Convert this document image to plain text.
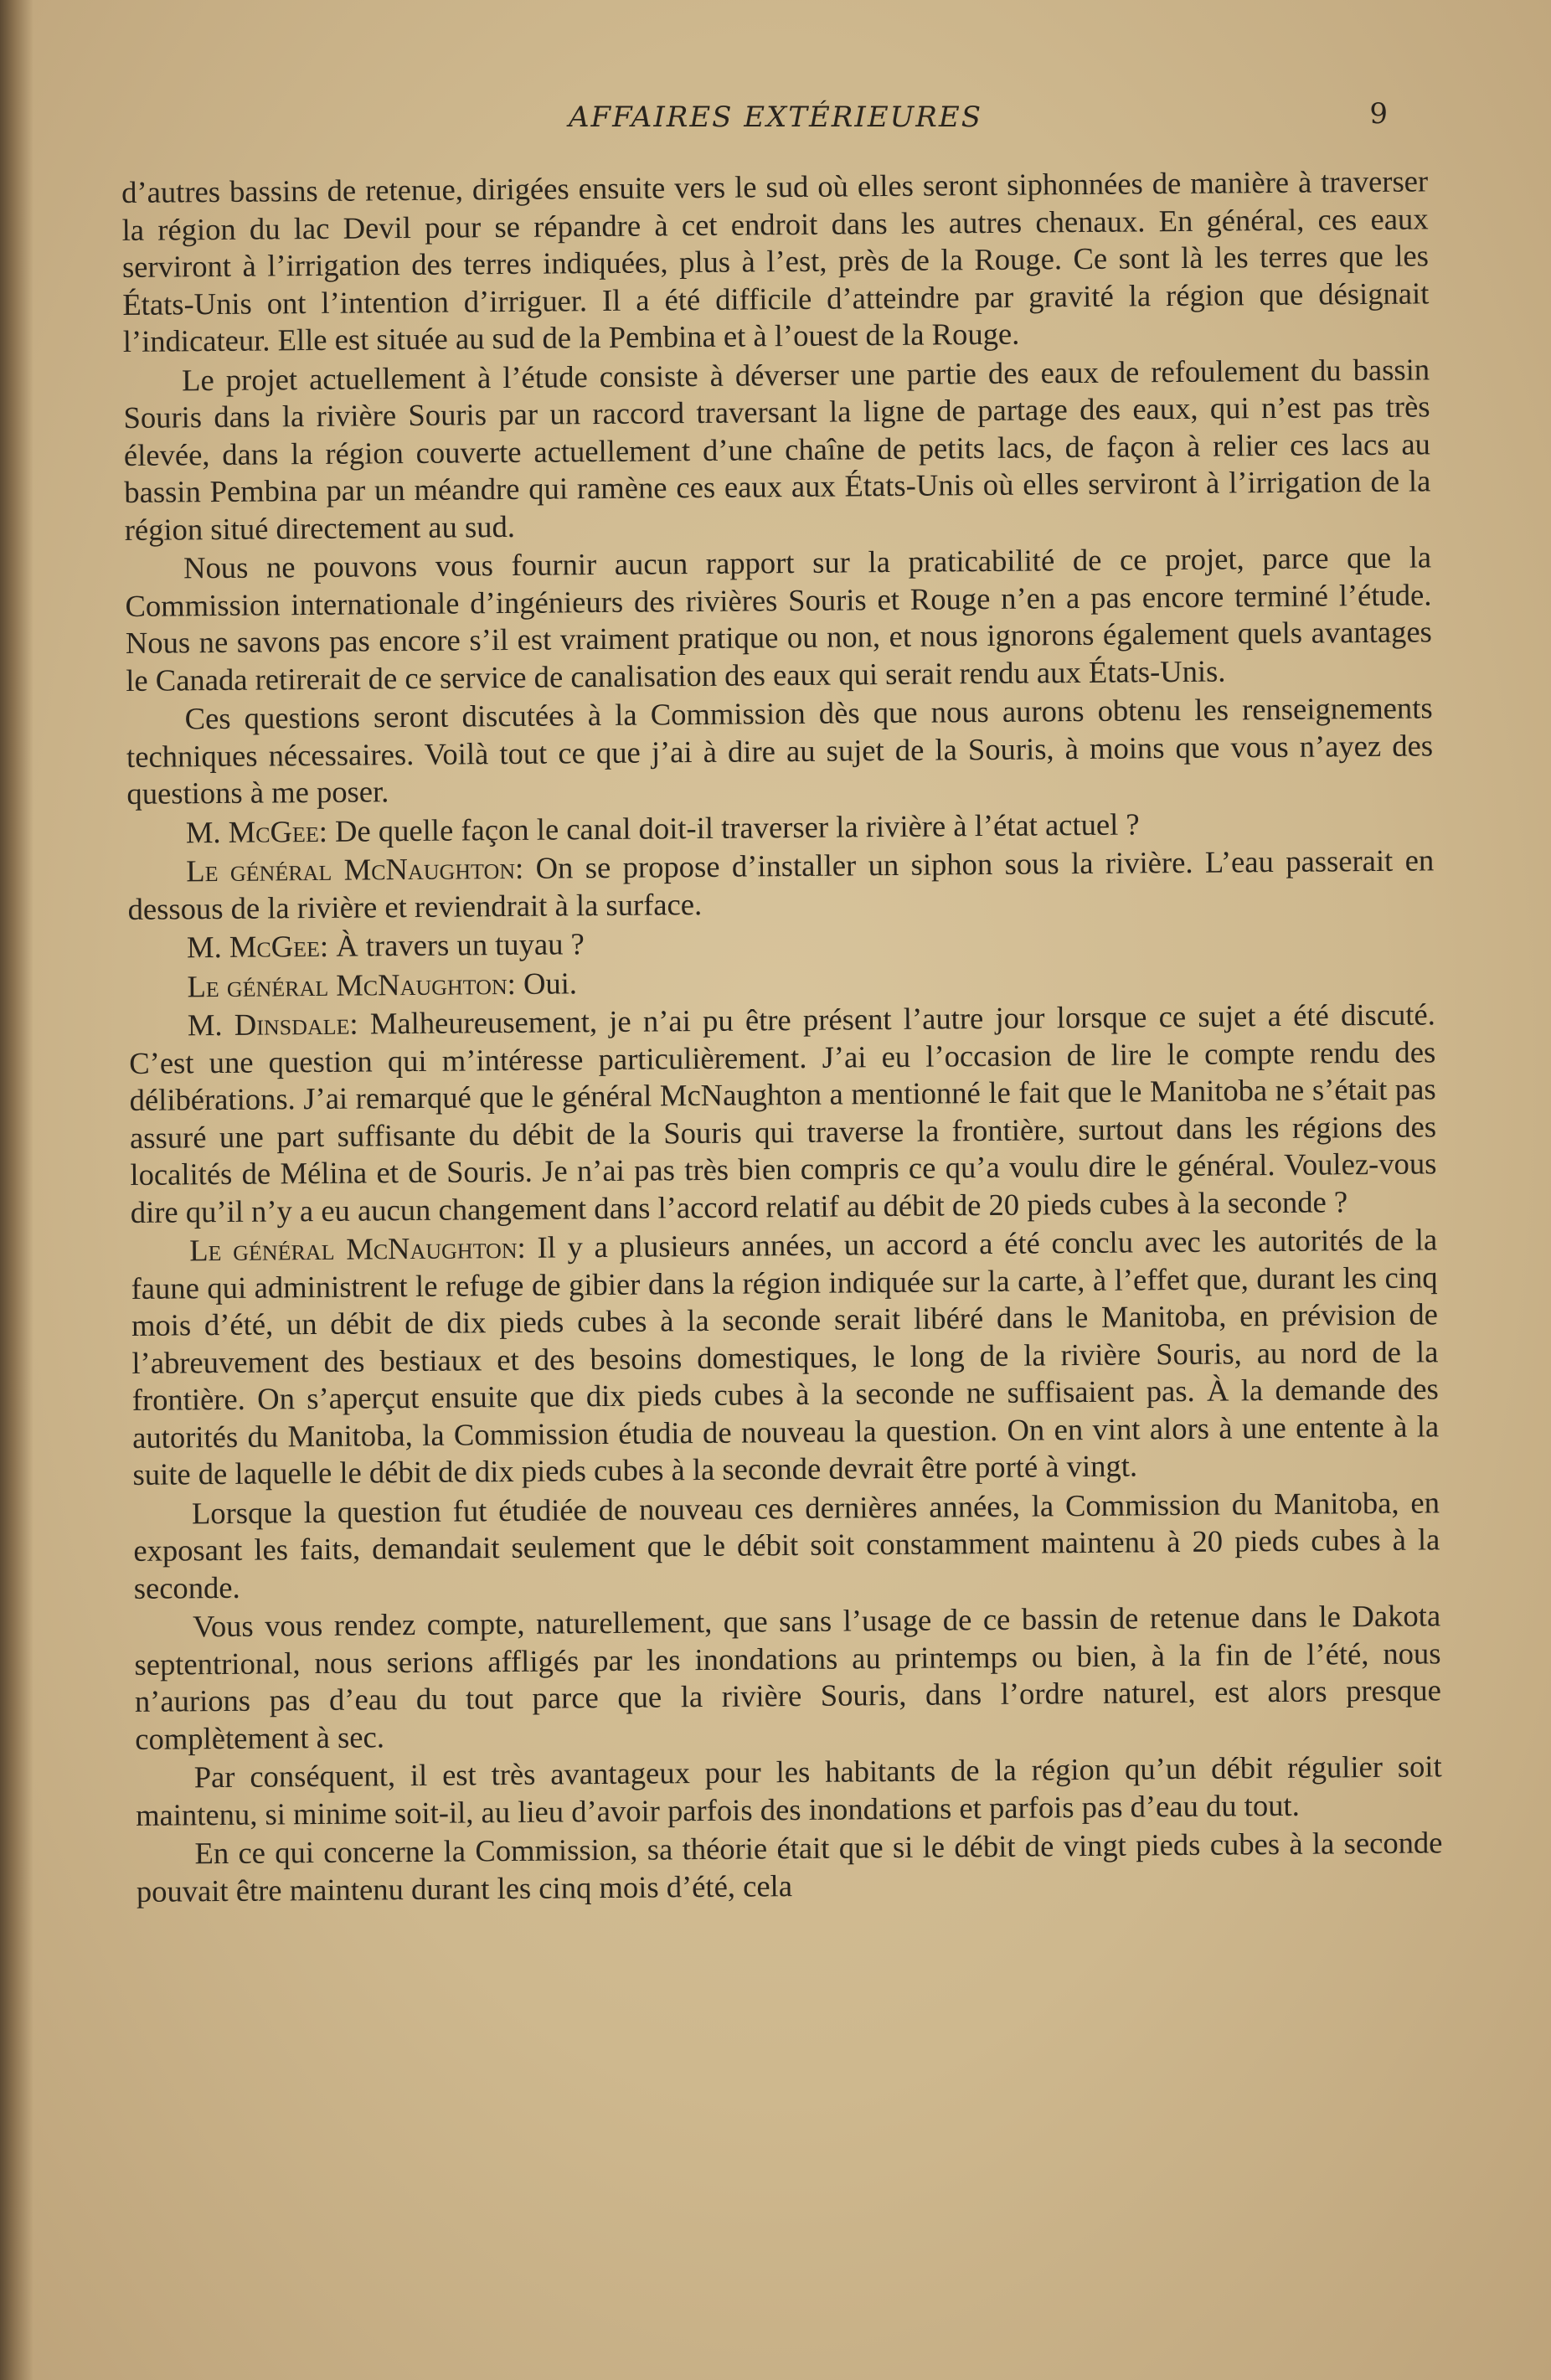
AFFAIRES EXTÉRIEURES	9

d’autres bassins de retenue, dirigées ensuite vers le sud où elles seront siphonnées de manière à traverser la région du lac Devil pour se répandre à cet endroit dans les autres chenaux. En général, ces eaux serviront à l’irrigation des terres indiquées, plus à l’est, près de la Rouge. Ce sont là les terres que les États-Unis ont l’intention d’irriguer. Il a été difficile d’atteindre par gravité la région que désignait l’indicateur. Elle est située au sud de la Pembina et à l’ouest de la Rouge.

Le projet actuellement à l’étude consiste à déverser une partie des eaux de refoulement du bassin Souris dans la rivière Souris par un raccord traversant la ligne de partage des eaux, qui n’est pas très élevée, dans la région couverte actuellement d’une chaîne de petits lacs, de façon à relier ces lacs au bassin Pembina par un méandre qui ramène ces eaux aux États-Unis où elles serviront à l’irrigation de la région situé directement au sud.

Nous ne pouvons vous fournir aucun rapport sur la praticabilité de ce projet, parce que la Commission internationale d’ingénieurs des rivières Souris et Rouge n’en a pas encore terminé l’étude. Nous ne savons pas encore s’il est vraiment pratique ou non, et nous ignorons également quels avantages le Canada retirerait de ce service de canalisation des eaux qui serait rendu aux États-Unis.

Ces questions seront discutées à la Commission dès que nous aurons obtenu les renseignements techniques nécessaires. Voilà tout ce que j’ai à dire au sujet de la Souris, à moins que vous n’ayez des questions à me poser.

M. McGee: De quelle façon le canal doit-il traverser la rivière à l’état actuel ?

Le général McNaughton: On se propose d’installer un siphon sous la rivière. L’eau passerait en dessous de la rivière et reviendrait à la surface.

M. McGee: À travers un tuyau ?

Le général McNaughton: Oui.

M. Dinsdale: Malheureusement, je n’ai pu être présent l’autre jour lorsque ce sujet a été discuté. C’est une question qui m’intéresse particulièrement. J’ai eu l’occasion de lire le compte rendu des délibérations. J’ai remarqué que le général McNaughton a mentionné le fait que le Manitoba ne s’était pas assuré une part suffisante du débit de la Souris qui traverse la frontière, surtout dans les régions des localités de Mélina et de Souris. Je n’ai pas très bien compris ce qu’a voulu dire le général. Voulez-vous dire qu’il n’y a eu aucun changement dans l’accord relatif au débit de 20 pieds cubes à la seconde ?

Le général McNaughton: Il y a plusieurs années, un accord a été conclu avec les autorités de la faune qui administrent le refuge de gibier dans la région indiquée sur la carte, à l’effet que, durant les cinq mois d’été, un débit de dix pieds cubes à la seconde serait libéré dans le Manitoba, en prévision de l’abreuvement des bestiaux et des besoins domestiques, le long de la rivière Souris, au nord de la frontière. On s’aperçut ensuite que dix pieds cubes à la seconde ne suffisaient pas. À la demande des autorités du Manitoba, la Commission étudia de nouveau la question. On en vint alors à une entente à la suite de laquelle le débit de dix pieds cubes à la seconde devrait être porté à vingt.

Lorsque la question fut étudiée de nouveau ces dernières années, la Commission du Manitoba, en exposant les faits, demandait seulement que le débit soit constamment maintenu à 20 pieds cubes à la seconde.

Vous vous rendez compte, naturellement, que sans l’usage de ce bassin de retenue dans le Dakota septentrional, nous serions affligés par les inondations au printemps ou bien, à la fin de l’été, nous n’aurions pas d’eau du tout parce que la rivière Souris, dans l’ordre naturel, est alors presque complètement à sec.

Par conséquent, il est très avantageux pour les habitants de la région qu’un débit régulier soit maintenu, si minime soit-il, au lieu d’avoir parfois des inondations et parfois pas d’eau du tout.

En ce qui concerne la Commission, sa théorie était que si le débit de vingt pieds cubes à la seconde pouvait être maintenu durant les cinq mois d’été, cela
